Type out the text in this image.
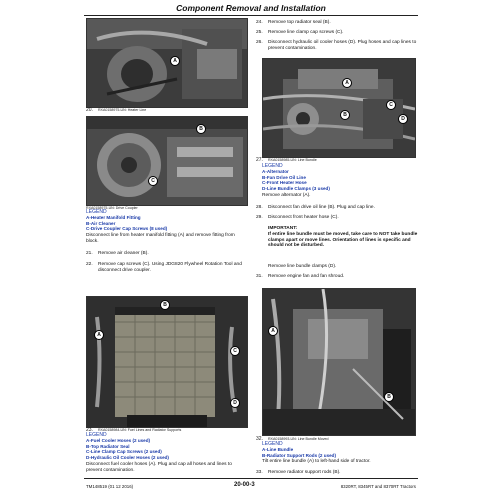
Component Removal and Installation
A
20. RXA0158975-UN: Heater Line
B
C
RXA0158975-UN: Drive Coupler
LEGEND
A-Heater Manifold Fitting
B-Air Cleaner
C-Drive Coupler Cap Screws (8 used)
Disconnect line from heater manifold fitting (A) and remove fitting from block.
21.	Remove air cleaner (B).
22.	Remove cap screws (C). Using JDG820 Flywheel Rotation Tool and disconnect drive coupler.
B
A
C
D
23. RXA0158984-UN: Fuel Lines and Radiator Supports
LEGEND
A-Fuel Cooler Hoses (2 used)
B-Top Radiator Seal
C-Line Clamp Cap Screws (2 used)
D-Hydraulic Oil Cooler Hoses (2 used)
Disconnect fuel cooler hoses (A). Plug and cap all hoses and lines to prevent contamination.
24.	Remove top radiator seal (B).
25.	Remove line clamp cap screws (C).
26.	Disconnect hydraulic oil cooler hoses (D). Plug hoses and cap lines to prevent contamination.
A
B
C
D
27. RXA0158985-UN: Line Bundle
LEGEND
A-Alternator
B-Fan Drive Oil Line
C-Front Heater Hose
D-Line Bundle Clamps (3 used)
Remove alternator (A).
28.	Disconnect fan drive oil line (B). Plug and cap line.
29.	Disconnect front heater hose (C).
IMPORTANT:
If entire line bundle must be moved, take care to NOT take bundle clamps apart or move lines. Orientation of lines is specific and should not be disturbed.
Remove line bundle clamps (D).
31.	Remove engine fan and fan shroud.
A
B
32. RXA0158993-UN: Line Bundle Moved
LEGEND
A-Line Bundle
B-Radiator Support Rods (2 used)
Tilt entire line bundle (A) to left-hand side of tractor.
33.	Remove radiator support rods (B).
TM148519 (01 12 2016)	20-00-3	8320RT, 8345RT and 8370RT Tractors
